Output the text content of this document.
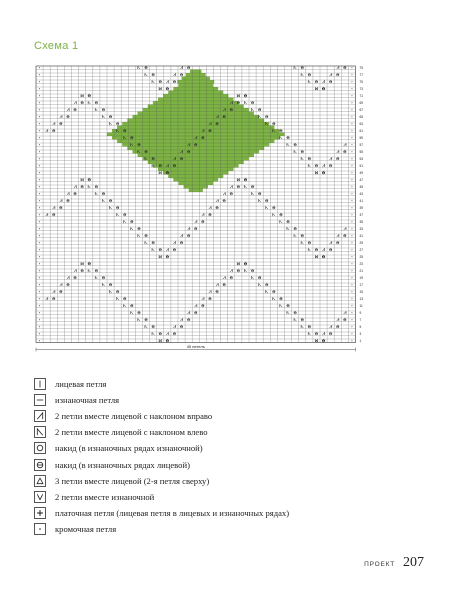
Схема 1
1
3
5
7
9
11
13
15
17
19
21
23
25
27
29
31
33
35
37
39
41
43
45
47
49
51
53
55
57
59
61
63
65
67
69
71
73
75
77
79
45 петель
лицевая петля
изнаночная петля
2 петли вместе лицевой с наклоном вправо
2 петли вместе лицевой с наклоном влево
накид (в изнаночных рядах изнаночной)
накид (в изнаночных рядах лицевой)
3 петли вместе лицевой (2-я петля сверху)
2 петли вместе изнаночной
платочная петля (лицевая петля в лицевых и изнаночных рядах)
кромочная петля
ПРОЕКТ 207
